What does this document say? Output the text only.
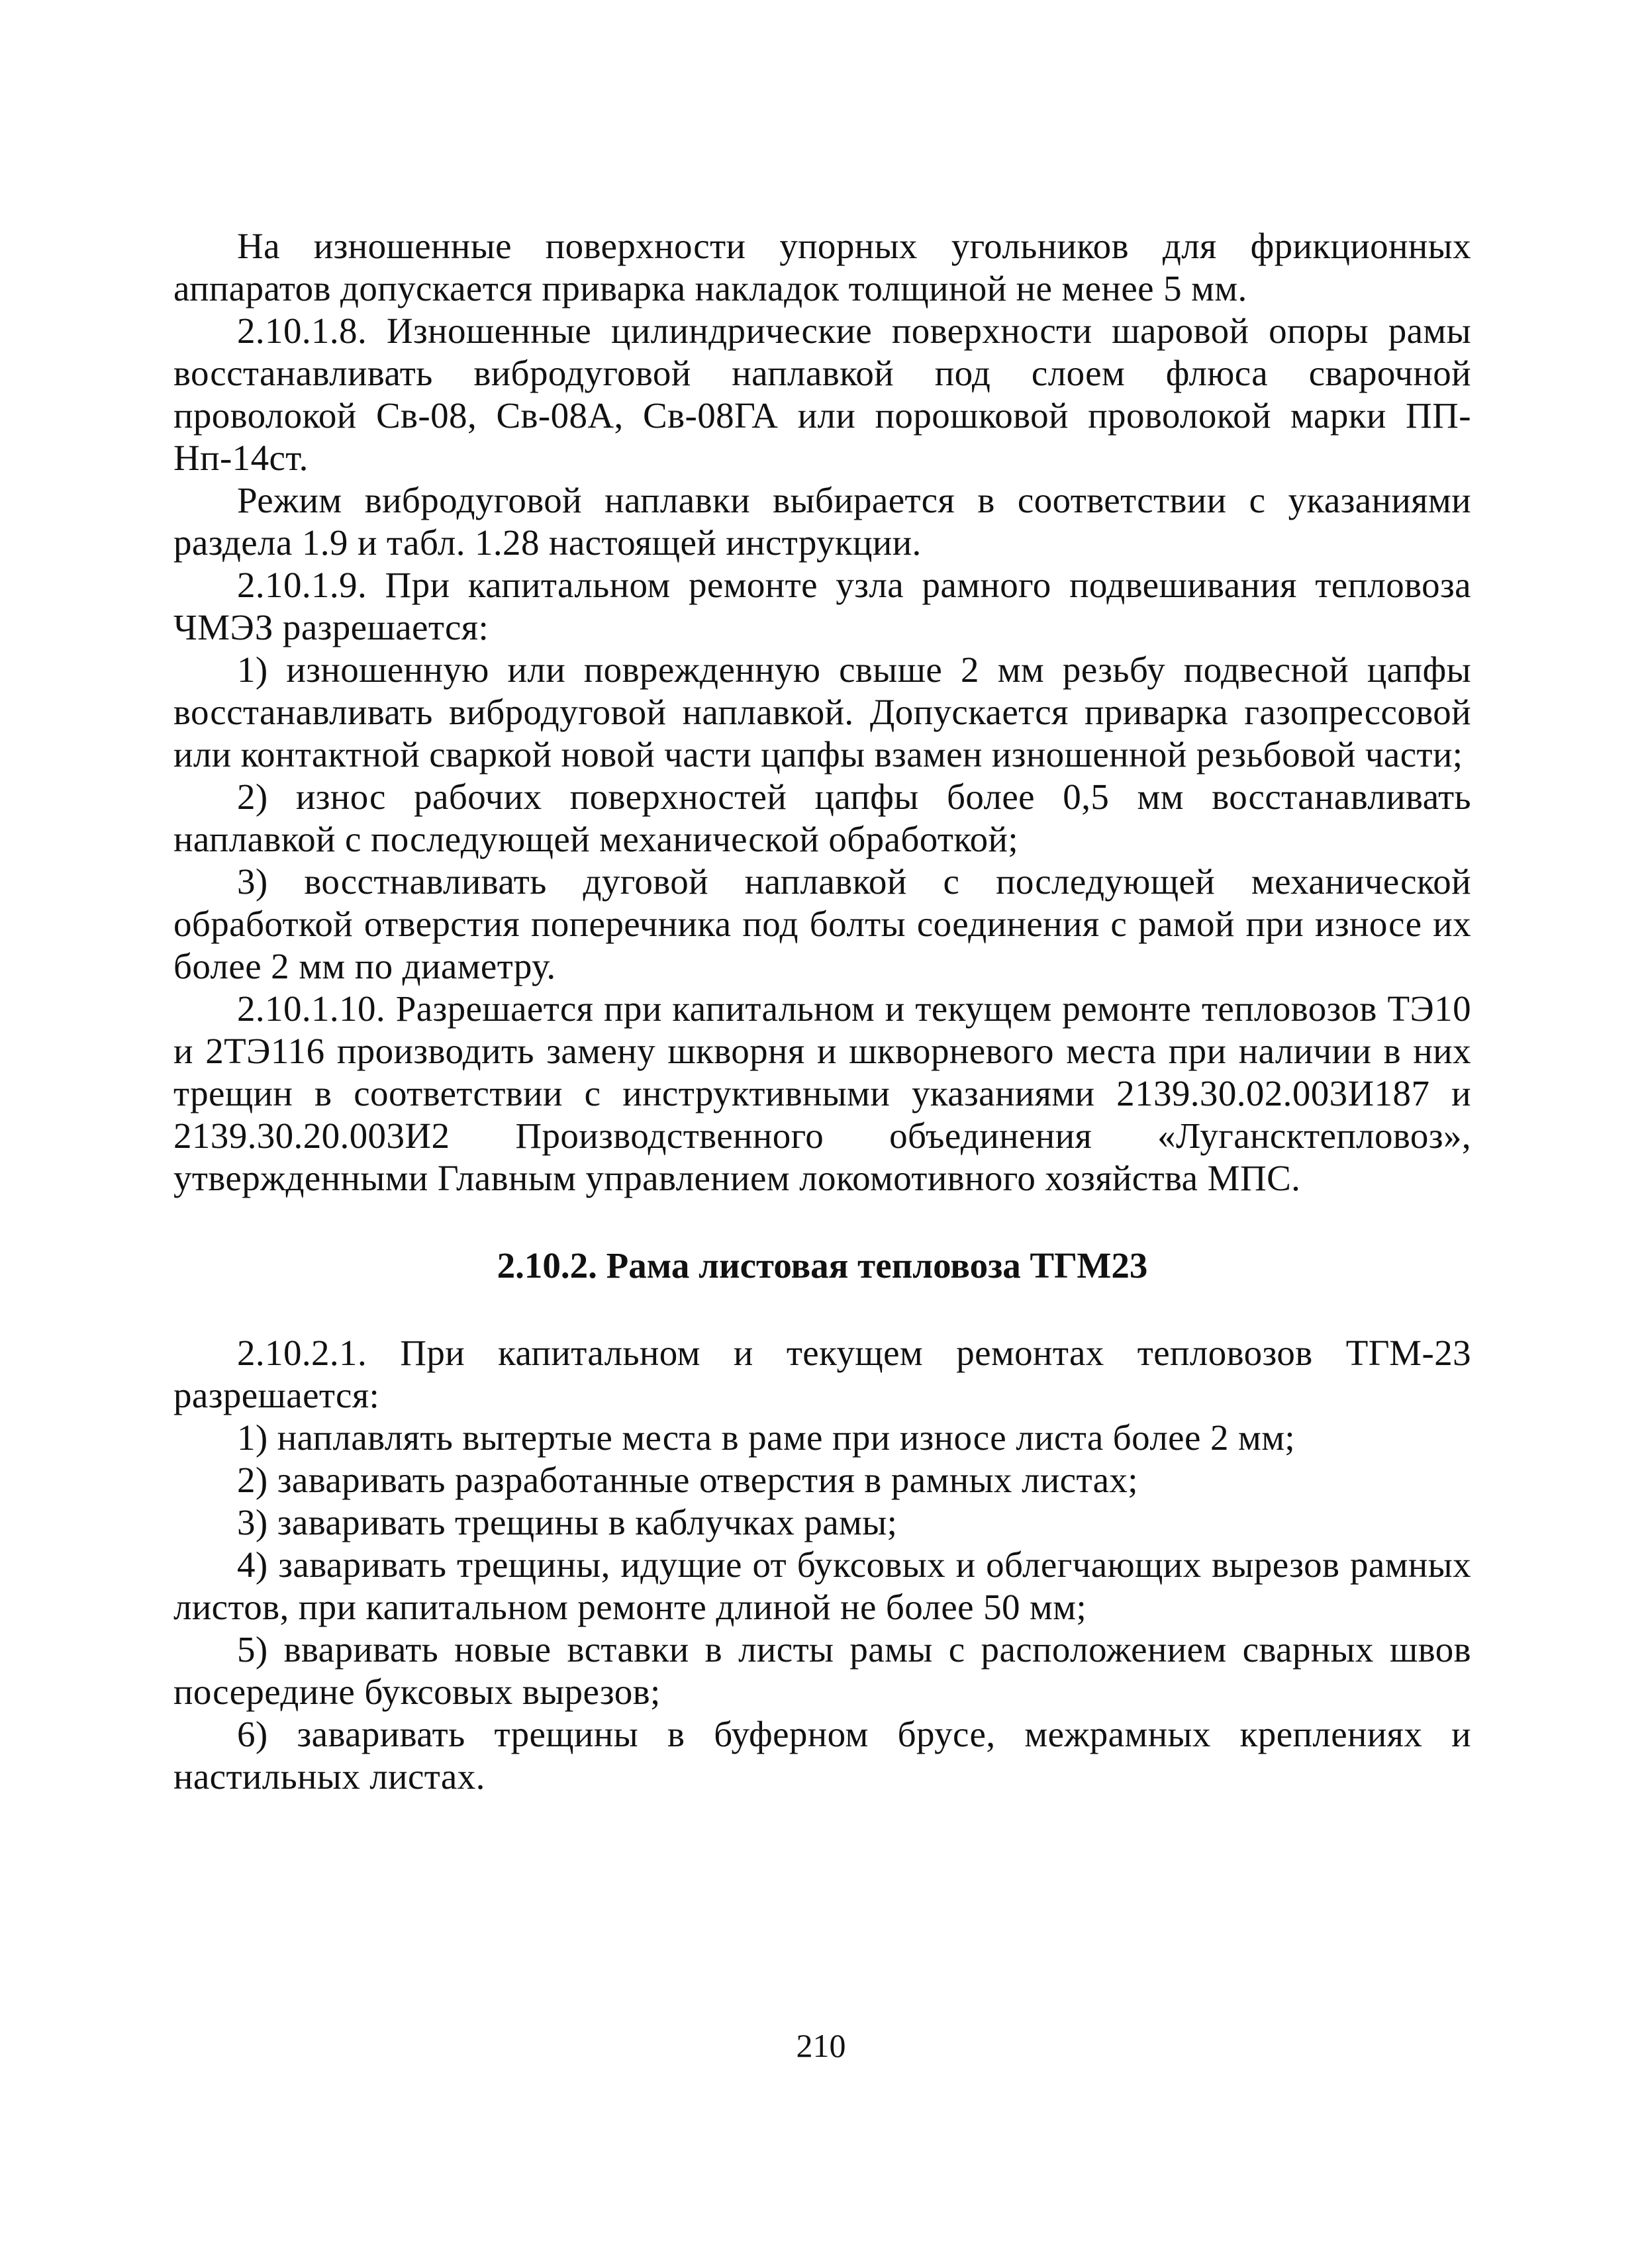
На изношенные поверхности упорных угольников для фрикционных аппаратов допускается приварка накладок толщиной не менее 5 мм.

2.10.1.8. Изношенные цилиндрические поверхности шаровой опоры рамы восстанавливать вибродуговой наплавкой под слоем флюса сварочной проволокой Св-08, Св-08А, Св-08ГА или порошковой проволокой марки ПП-Нп-14ст.

Режим вибродуговой наплавки выбирается в соответствии с указаниями раздела 1.9 и табл. 1.28 настоящей инструкции.

2.10.1.9. При капитальном ремонте узла рамного подвешивания тепловоза ЧМЭЗ разрешается:

1) изношенную или поврежденную свыше 2 мм резьбу подвесной цапфы восстанавливать вибродуговой наплавкой. Допускается приварка газопрессовой или контактной сваркой новой части цапфы взамен изношенной резьбовой части;

2) износ рабочих поверхностей цапфы более 0,5 мм восстанавливать наплавкой с последующей механической обработкой;

3) восстнавливать дуговой наплавкой с последующей механической обработкой отверстия поперечника под болты соединения с рамой при износе их более 2 мм по диаметру.

2.10.1.10. Разрешается при капитальном и текущем ремонте тепловозов ТЭ10 и 2ТЭ116 производить замену шкворня и шкворневого места при наличии в них трещин в соответствии с инструктивными указаниями 2139.30.02.003И187 и 2139.30.20.003И2 Производственного объединения «Лугансктепловоз», утвержденными Главным управлением локомотивного хозяйства МПС.

2.10.2. Рама листовая тепловоза ТГМ23

2.10.2.1. При капитальном и текущем ремонтах тепловозов ТГМ-23 разрешается:

1) наплавлять вытертые места в раме при износе листа более 2 мм;

2) заваривать разработанные отверстия в рамных листах;

3) заваривать трещины в каблучках рамы;

4) заваривать трещины, идущие от буксовых и облегчающих вырезов рамных листов, при капитальном ремонте длиной не более 50 мм;

5) вваривать новые вставки в листы рамы с расположением сварных швов посередине буксовых вырезов;

6) заваривать трещины в буферном брусе, межрамных креплениях и настильных листах.

210
